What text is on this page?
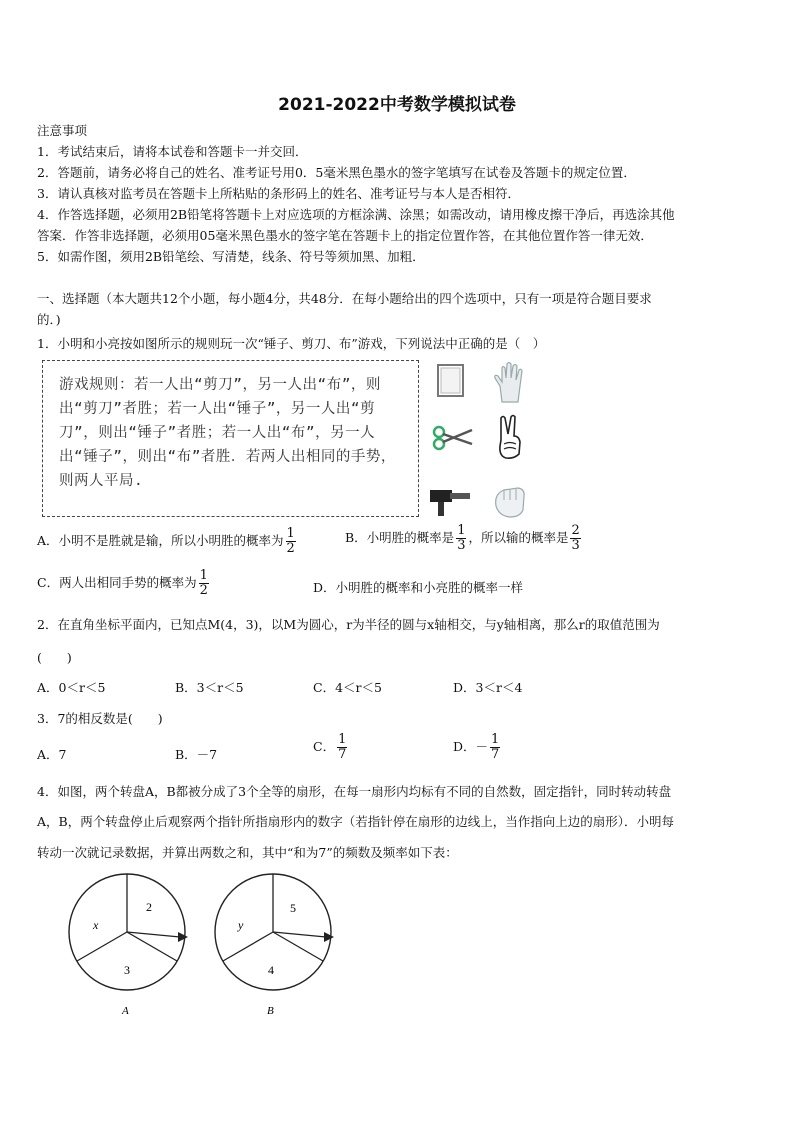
2021-2022中考数学模拟试卷
注意事项
1．考试结束后，请将本试卷和答题卡一并交回．
2．答题前，请务必将自己的姓名、准考证号用0．5毫米黑色墨水的签字笔填写在试卷及答题卡的规定位置．
3．请认真核对监考员在答题卡上所粘贴的条形码上的姓名、准考证号与本人是否相符．
4．作答选择题，必须用2B铅笔将答题卡上对应选项的方框涂满、涂黑；如需改动，请用橡皮擦干净后，再选涂其他
答案．作答非选择题，必须用05毫米黑色墨水的签字笔在答题卡上的指定位置作答，在其他位置作答一律无效．
5．如需作图，须用2B铅笔绘、写清楚，线条、符号等须加黑、加粗．
一、选择题（本大题共12个小题，每小题4分，共48分．在每小题给出的四个选项中，只有一项是符合题目要求
的．)
1．小明和小亮按如图所示的规则玩一次“锤子、剪刀、布”游戏，下列说法中正确的是（　）
游戏规则：若一人出“剪刀”，另一人出“布”，则出“剪刀”者胜；若一人出“锤子”，另一人出“剪刀”，则出“锤子”者胜；若一人出“布”，另一人出“锤子”，则出“布”者胜．若两人出相同的手势，则两人平局.
A．小明不是胜就是输，所以小明胜的概率为 $\frac{1}{2}$	B．小明胜的概率是 $\frac{1}{3}$ ，所以输的概率是 $\frac{2}{3}$
C．两人出相同手势的概率为 $\frac{1}{2}$	D．小明胜的概率和小亮胜的概率一样
2．在直角坐标平面内，已知点M(4，3)，以M为圆心，r为半径的圆与x轴相交，与y轴相离，那么r的取值范围为
(　　)
A．0＜r＜5	B．3＜r＜5	C．4＜r＜5	D．3＜r＜4
3．7的相反数是(　　)
A．7	B．－7
C． $\frac{1}{7}$	D．－ $\frac{1}{7}$
4．如图，两个转盘A，B都被分成了3个全等的扇形，在每一扇形内均标有不同的自然数，固定指针，同时转动转盘
A，B，两个转盘停止后观察两个指针所指扇形内的数字（若指针停在扇形的边线上，当作指向上边的扇形）．小明每
转动一次就记录数据，并算出两数之和，其中“和为7”的频数及频率如下表：
2
3
x
A
5
4
y
B
